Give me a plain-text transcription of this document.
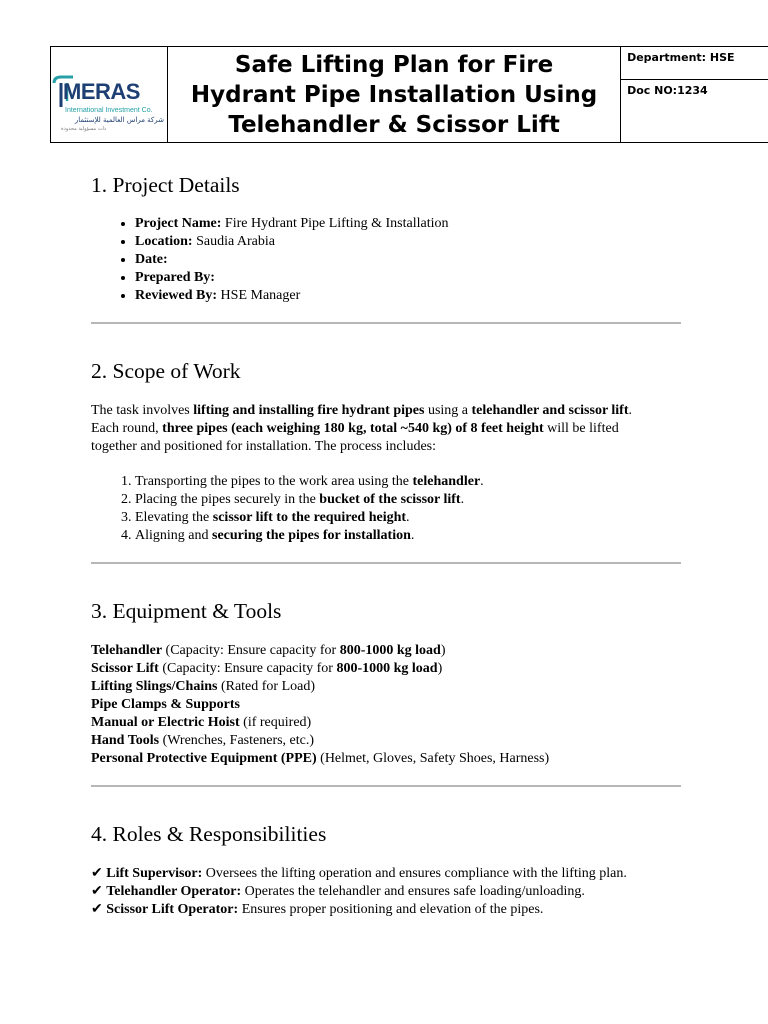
MERAS
International Investment Co.
شركة مراس العالمية للإستثمار
ذات مسؤولية محدودة

Safe Lifting Plan for Fire
Hydrant Pipe Installation Using
Telehandler & Scissor Lift

	Department: HSE
Doc NO:1234
1. Project Details
• Project Name: Fire Hydrant Pipe Lifting & Installation
• Location: Saudia Arabia
• Date:
• Prepared By:
• Reviewed By: HSE Manager
2. Scope of Work

The task involves lifting and installing fire hydrant pipes using a telehandler and scissor lift.
Each round, three pipes (each weighing 180 kg, total ~540 kg) of 8 feet height will be lifted
together and positioned for installation. The process includes:

1. Transporting the pipes to the work area using the telehandler.
2. Placing the pipes securely in the bucket of the scissor lift.
3. Elevating the scissor lift to the required height.
4. Aligning and securing the pipes for installation.
3. Equipment & Tools
Telehandler (Capacity: Ensure capacity for 800-1000 kg load)
Scissor Lift (Capacity: Ensure capacity for 800-1000 kg load)
Lifting Slings/Chains (Rated for Load)
Pipe Clamps & Supports
Manual or Electric Hoist (if required)
Hand Tools (Wrenches, Fasteners, etc.)
Personal Protective Equipment (PPE) (Helmet, Gloves, Safety Shoes, Harness)
4. Roles & Responsibilities
✔ Lift Supervisor: Oversees the lifting operation and ensures compliance with the lifting plan.
✔ Telehandler Operator: Operates the telehandler and ensures safe loading/unloading.
✔ Scissor Lift Operator: Ensures proper positioning and elevation of the pipes.
